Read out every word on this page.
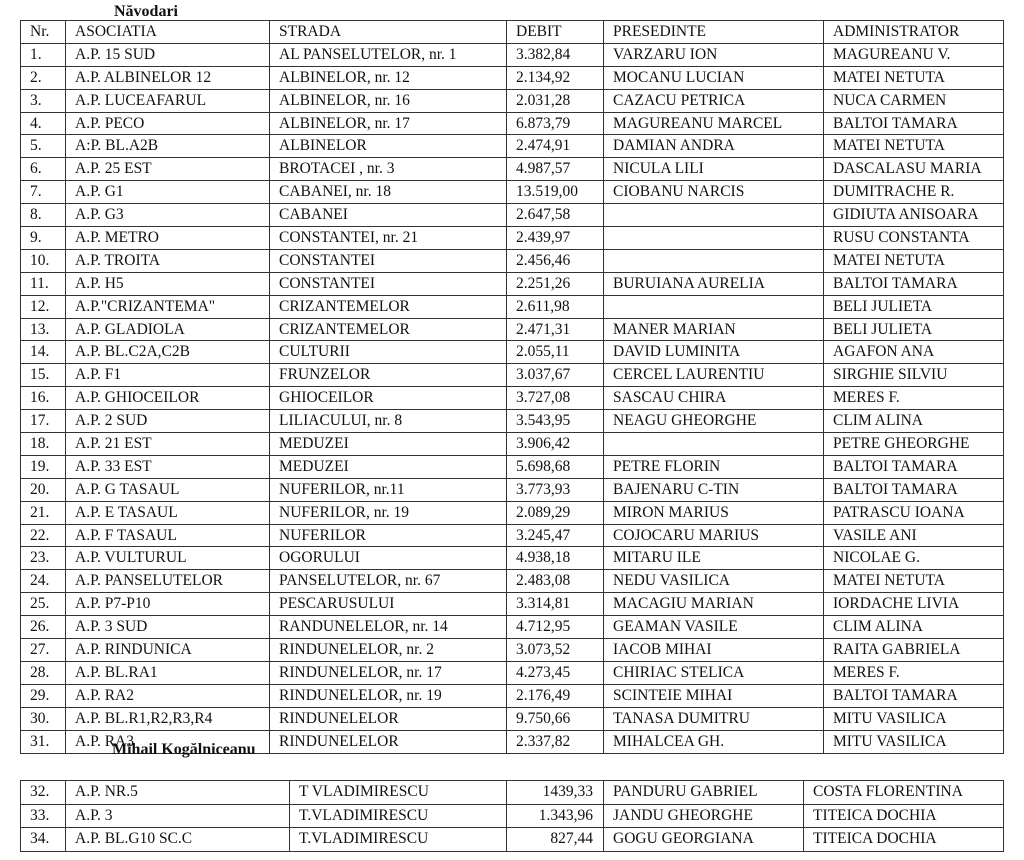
Năvodari
Nr.	ASOCIATIA	STRADA	DEBIT	PRESEDINTE	ADMINISTRATOR
1.	A.P. 15 SUD	AL PANSELUTELOR, nr. 1	3.382,84	VARZARU ION	MAGUREANU V.
2.	A.P. ALBINELOR 12	ALBINELOR, nr. 12	2.134,92	MOCANU LUCIAN	MATEI NETUTA
3.	A.P. LUCEAFARUL	ALBINELOR, nr. 16	2.031,28	CAZACU PETRICA	NUCA CARMEN
4.	A.P. PECO	ALBINELOR, nr. 17	6.873,79	MAGUREANU MARCEL	BALTOI TAMARA
5.	A:P. BL.A2B	ALBINELOR	2.474,91	DAMIAN ANDRA	MATEI NETUTA
6.	A.P. 25 EST	BROTACEI , nr. 3	4.987,57	NICULA LILI	DASCALASU MARIA
7.	A.P. G1	CABANEI, nr. 18	13.519,00	CIOBANU NARCIS	DUMITRACHE R.
8.	A.P. G3	CABANEI	2.647,58		GIDIUTA ANISOARA
9.	A.P. METRO	CONSTANTEI, nr. 21	2.439,97		RUSU CONSTANTA
10.	A.P. TROITA	CONSTANTEI	2.456,46		MATEI NETUTA
11.	A.P. H5	CONSTANTEI	2.251,26	BURUIANA AURELIA	BALTOI TAMARA
12.	A.P."CRIZANTEMA"	CRIZANTEMELOR	2.611,98		BELI JULIETA
13.	A.P. GLADIOLA	CRIZANTEMELOR	2.471,31	MANER MARIAN	BELI JULIETA
14.	A.P. BL.C2A,C2B	CULTURII	2.055,11	DAVID LUMINITA	AGAFON ANA
15.	A.P. F1	FRUNZELOR	3.037,67	CERCEL LAURENTIU	SIRGHIE SILVIU
16.	A.P. GHIOCEILOR	GHIOCEILOR	3.727,08	SASCAU CHIRA	MERES F.
17.	A.P. 2 SUD	LILIACULUI, nr. 8	3.543,95	NEAGU GHEORGHE	CLIM ALINA
18.	A.P. 21 EST	MEDUZEI	3.906,42		PETRE GHEORGHE
19.	A.P. 33 EST	MEDUZEI	5.698,68	PETRE FLORIN	BALTOI TAMARA
20.	A.P. G TASAUL	NUFERILOR, nr.11	3.773,93	BAJENARU C-TIN	BALTOI TAMARA
21.	A.P. E TASAUL	NUFERILOR, nr. 19	2.089,29	MIRON MARIUS	PATRASCU IOANA
22.	A.P. F TASAUL	NUFERILOR	3.245,47	COJOCARU MARIUS	VASILE ANI
23.	A.P. VULTURUL	OGORULUI	4.938,18	MITARU ILE	NICOLAE G.
24.	A.P. PANSELUTELOR	PANSELUTELOR, nr. 67	2.483,08	NEDU VASILICA	MATEI NETUTA
25.	A.P. P7-P10	PESCARUSULUI	3.314,81	MACAGIU MARIAN	IORDACHE LIVIA
26.	A.P. 3 SUD	RANDUNELELOR, nr. 14	4.712,95	GEAMAN VASILE	CLIM ALINA
27.	A.P. RINDUNICA	RINDUNELELOR, nr. 2	3.073,52	IACOB MIHAI	RAITA GABRIELA
28.	A.P. BL.RA1	RINDUNELELOR, nr. 17	4.273,45	CHIRIAC STELICA	MERES F.
29.	A.P. RA2	RINDUNELELOR, nr. 19	2.176,49	SCINTEIE MIHAI	BALTOI TAMARA
30.	A.P. BL.R1,R2,R3,R4	RINDUNELELOR	9.750,66	TANASA DUMITRU	MITU VASILICA
31.	A.P. RA3	RINDUNELELOR	2.337,82	MIHALCEA GH.	MITU VASILICA
Mihail Kogălniceanu
32.	A.P. NR.5	T VLADIMIRESCU	1439,33	PANDURU GABRIEL	COSTA FLORENTINA
33.	A.P. 3	T.VLADIMIRESCU	1.343,96	JANDU GHEORGHE	TITEICA DOCHIA
34.	A.P. BL.G10 SC.C	T.VLADIMIRESCU	827,44	GOGU GEORGIANA	TITEICA DOCHIA
